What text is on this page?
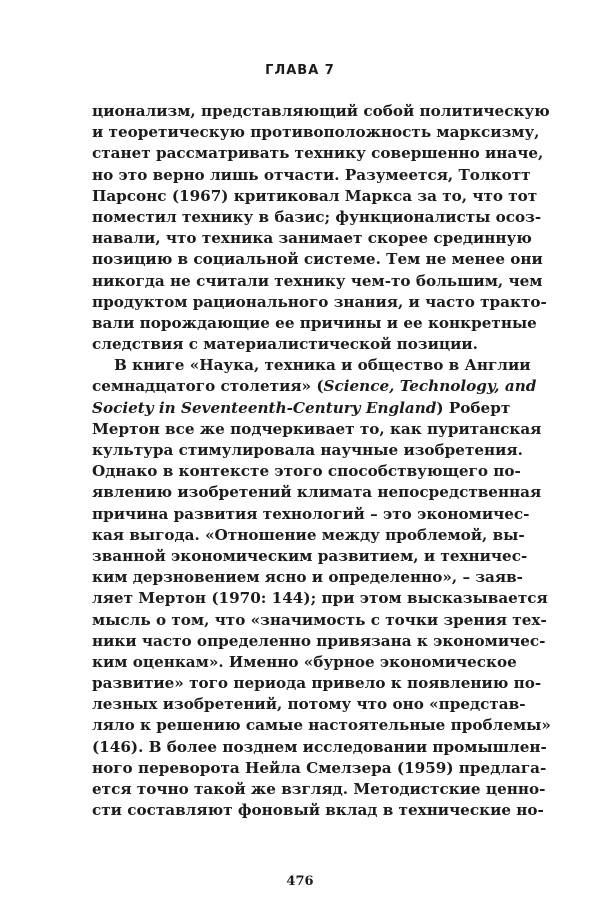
ГЛАВА 7
ционализм, представляющий собой политическую
и теоретическую противоположность марксизму,
станет рассматривать технику совершенно иначе,
но это верно лишь отчасти. Разумеется, Толкотт
Парсонс (1967) критиковал Маркса за то, что тот
поместил технику в базис; функционалисты осоз-
навали, что техника занимает скорее срединную
позицию в социальной системе. Тем не менее они
никогда не считали технику чем-то большим, чем
продуктом рационального знания, и часто тракто-
вали порождающие ее причины и ее конкретные
следствия с материалистической позиции.
В книге «Наука, техника и общество в Англии
семнадцатого столетия» (Science, Technology, and
Society in Seventeenth-Century England) Роберт
Мертон все же подчеркивает то, как пуританская
культура стимулировала научные изобретения.
Однако в контексте этого способствующего по-
явлению изобретений климата непосредственная
причина развития технологий – это экономичес-
кая выгода. «Отношение между проблемой, вы-
званной экономическим развитием, и техничес-
ким дерзновением ясно и определенно», – заяв-
ляет Мертон (1970: 144); при этом высказывается
мысль о том, что «значимость с точки зрения тех-
ники часто определенно привязана к экономичес-
ким оценкам». Именно «бурное экономическое
развитие» того периода привело к появлению по-
лезных изобретений, потому что оно «представ-
ляло к решению самые настоятельные проблемы»
(146). В более позднем исследовании промышлен-
ного переворота Нейла Смелзера (1959) предлага-
ется точно такой же взгляд. Методистские ценно-
сти составляют фоновый вклад в технические но-
476
